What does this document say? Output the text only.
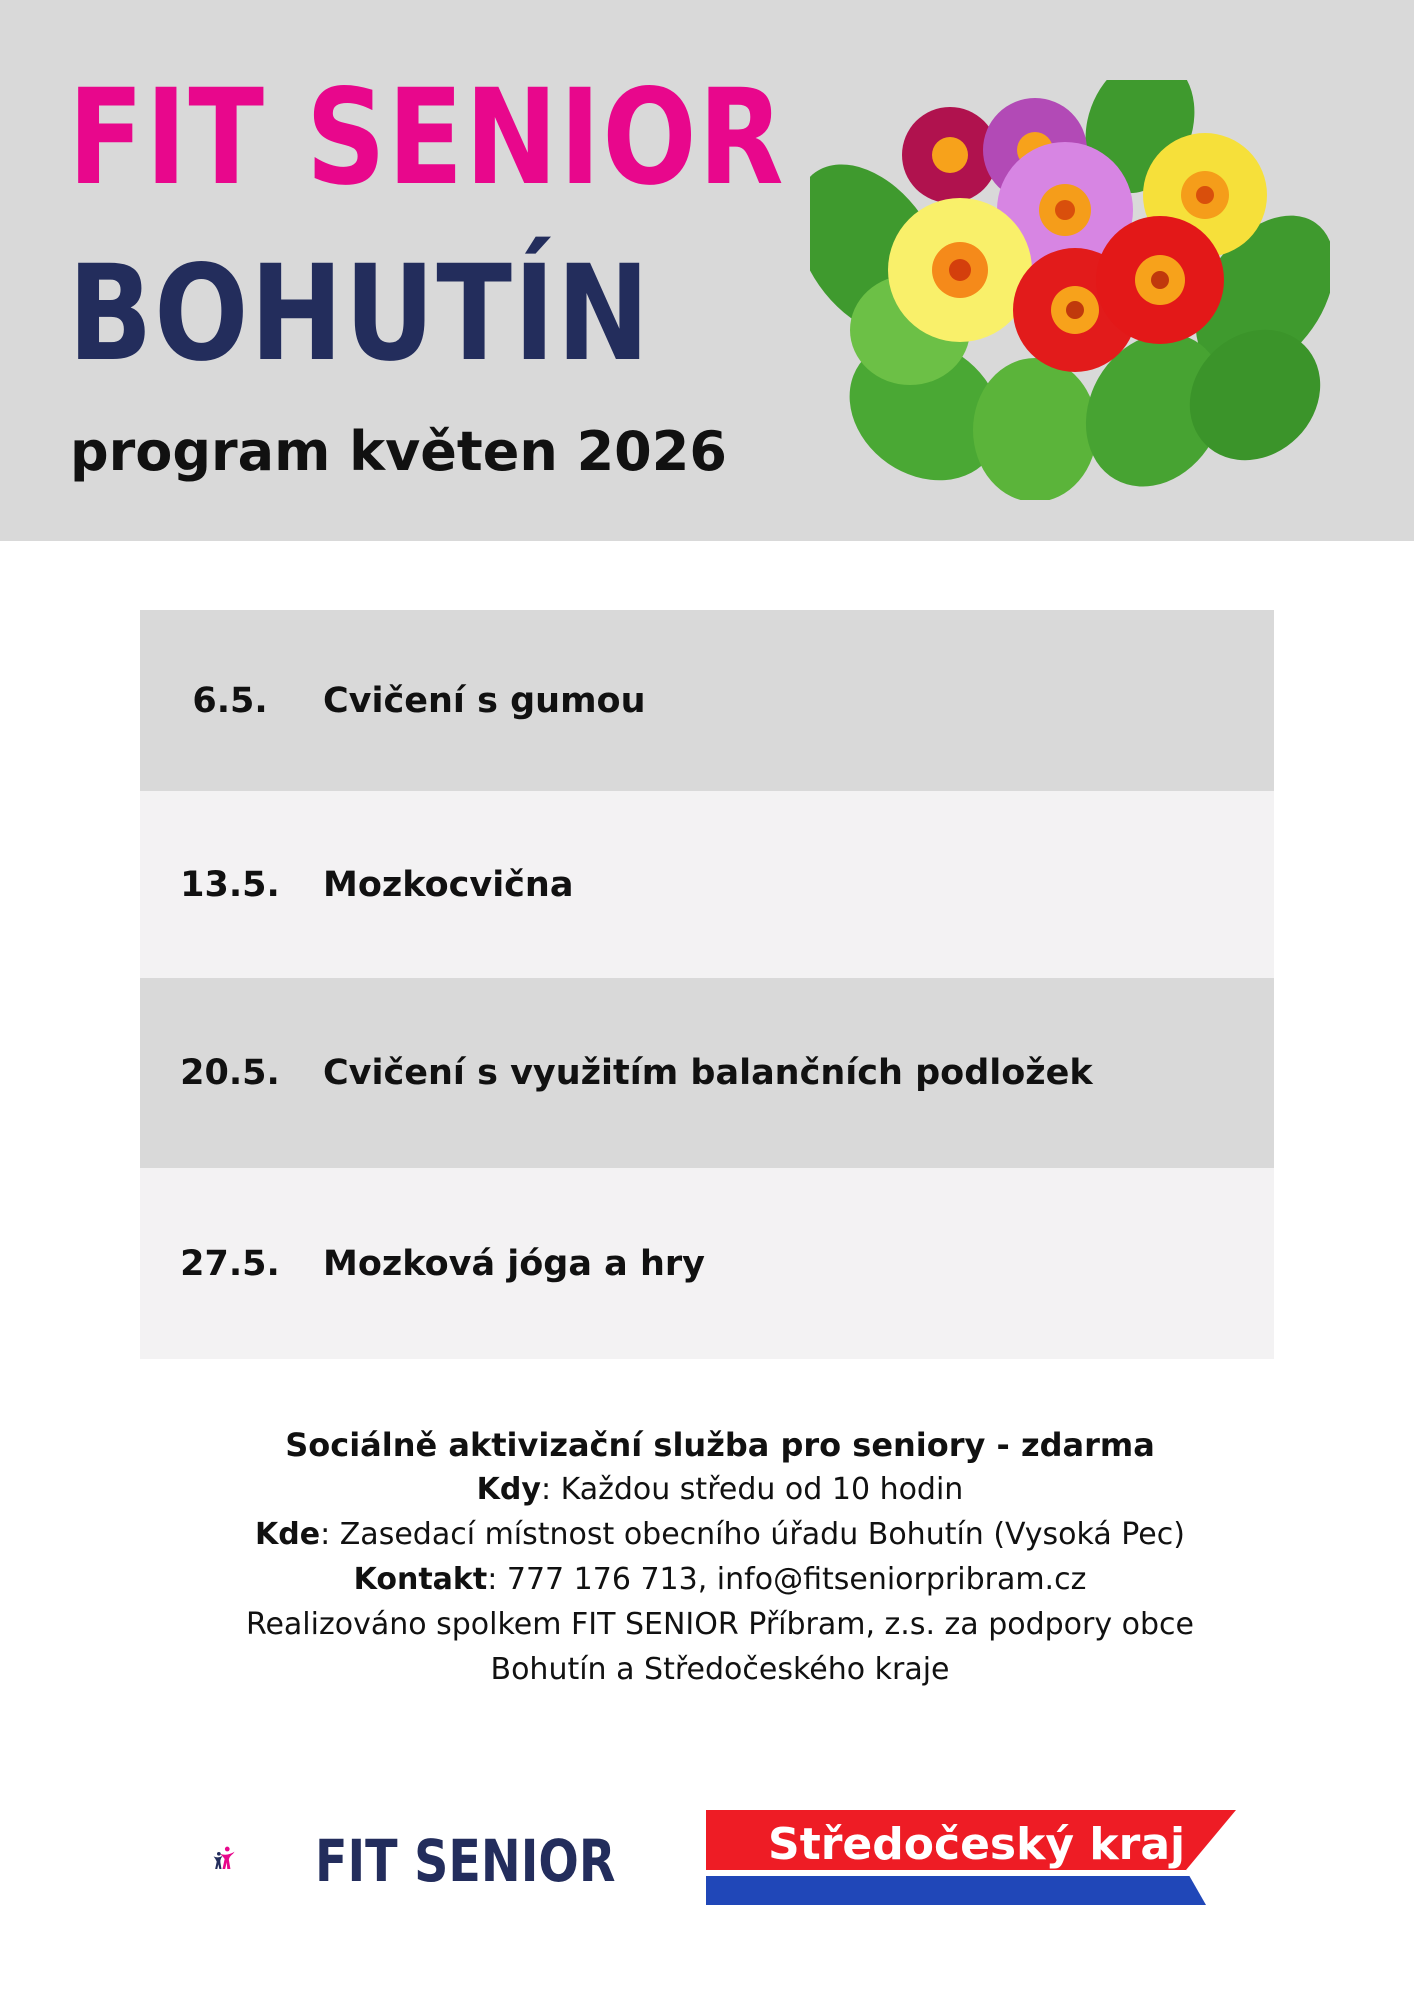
FIT SENIOR
BOHUTÍN
program květen 2026
6.5.	Cvičení s gumou
13.5.	Mozkocvična
20.5.	Cvičení s využitím balančních podložek
27.5.	Mozková jóga a hry
Sociálně aktivizační služba pro seniory - zdarma
Kdy: Každou středu od 10 hodin
Kde: Zasedací místnost obecního úřadu Bohutín (Vysoká Pec)
Kontakt: 777 176 713, info@fitseniorpribram.cz
Realizováno spolkem FIT SENIOR Příbram, z.s. za podpory obce
Bohutín a Středočeského kraje
FIT SENIOR	Středočeský kraj
